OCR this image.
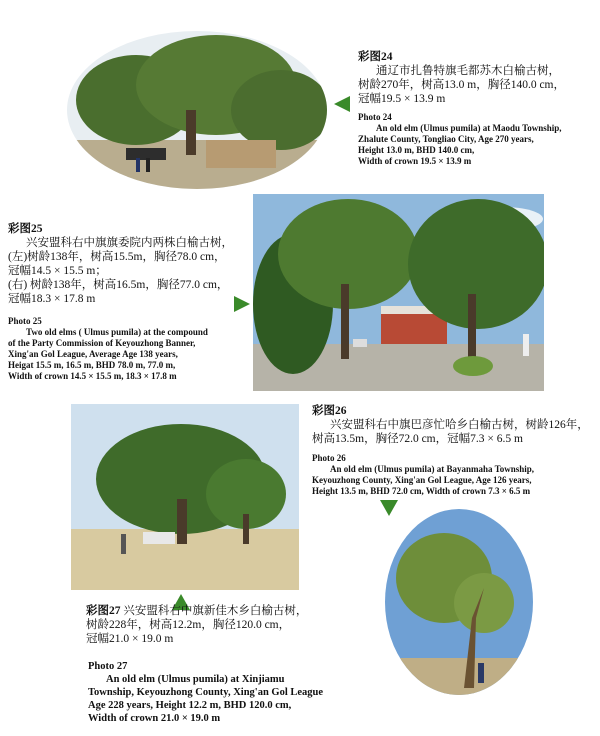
彩图24
通辽市扎鲁特旗毛都苏木白榆古树，
树龄270年，树高13.0 m，胸径140.0 cm，
冠幅19.5 × 13.9 m
Photo 24
An old elm (Ulmus pumila) at Maodu Township,
Zhalute County, Tongliao City, Age 270 years,
Height 13.0 m, BHD 140.0 cm,
Width of crown 19.5 × 13.9 m
彩图25
兴安盟科右中旗旗委院内两株白榆古树，
(左)树龄138年，树高15.5m，胸径78.0 cm，
冠幅14.5 × 15.5 m；
(右) 树龄138年，树高16.5m，胸径77.0 cm，
冠幅18.3 × 17.8 m
Photo 25
Two old elms ( Ulmus pumila) at the compound
of the Party Commission of Keyouzhong Banner,
Xing'an Gol League, Average Age 138 years,
Heigat 15.5 m, 16.5 m, BHD 78.0 m, 77.0 m,
Width of crown 14.5 × 15.5 m, 18.3 × 17.8 m
彩图27 兴安盟科右中旗新佳木乡白榆古树，
树龄228年，树高12.2m，胸径120.0 cm，
冠幅21.0 × 19.0 m
Photo 27
An old elm (Ulmus pumila) at Xinjiamu
Township, Keyouzhong County, Xing'an Gol League
Age 228 years, Height 12.2 m, BHD 120.0 cm,
Width of crown 21.0 × 19.0 m
彩图26
兴安盟科右中旗巴彦忙哈乡白榆古树，树龄126年，
树高13.5m，胸径72.0 cm，冠幅7.3 × 6.5 m
Photo 26
An old elm (Ulmus pumila) at Bayanmaha Township,
Keyouzhong County, Xing'an Gol League, Age 126 years,
Height 13.5 m, BHD 72.0 cm, Width of crown 7.3 × 6.5 m
